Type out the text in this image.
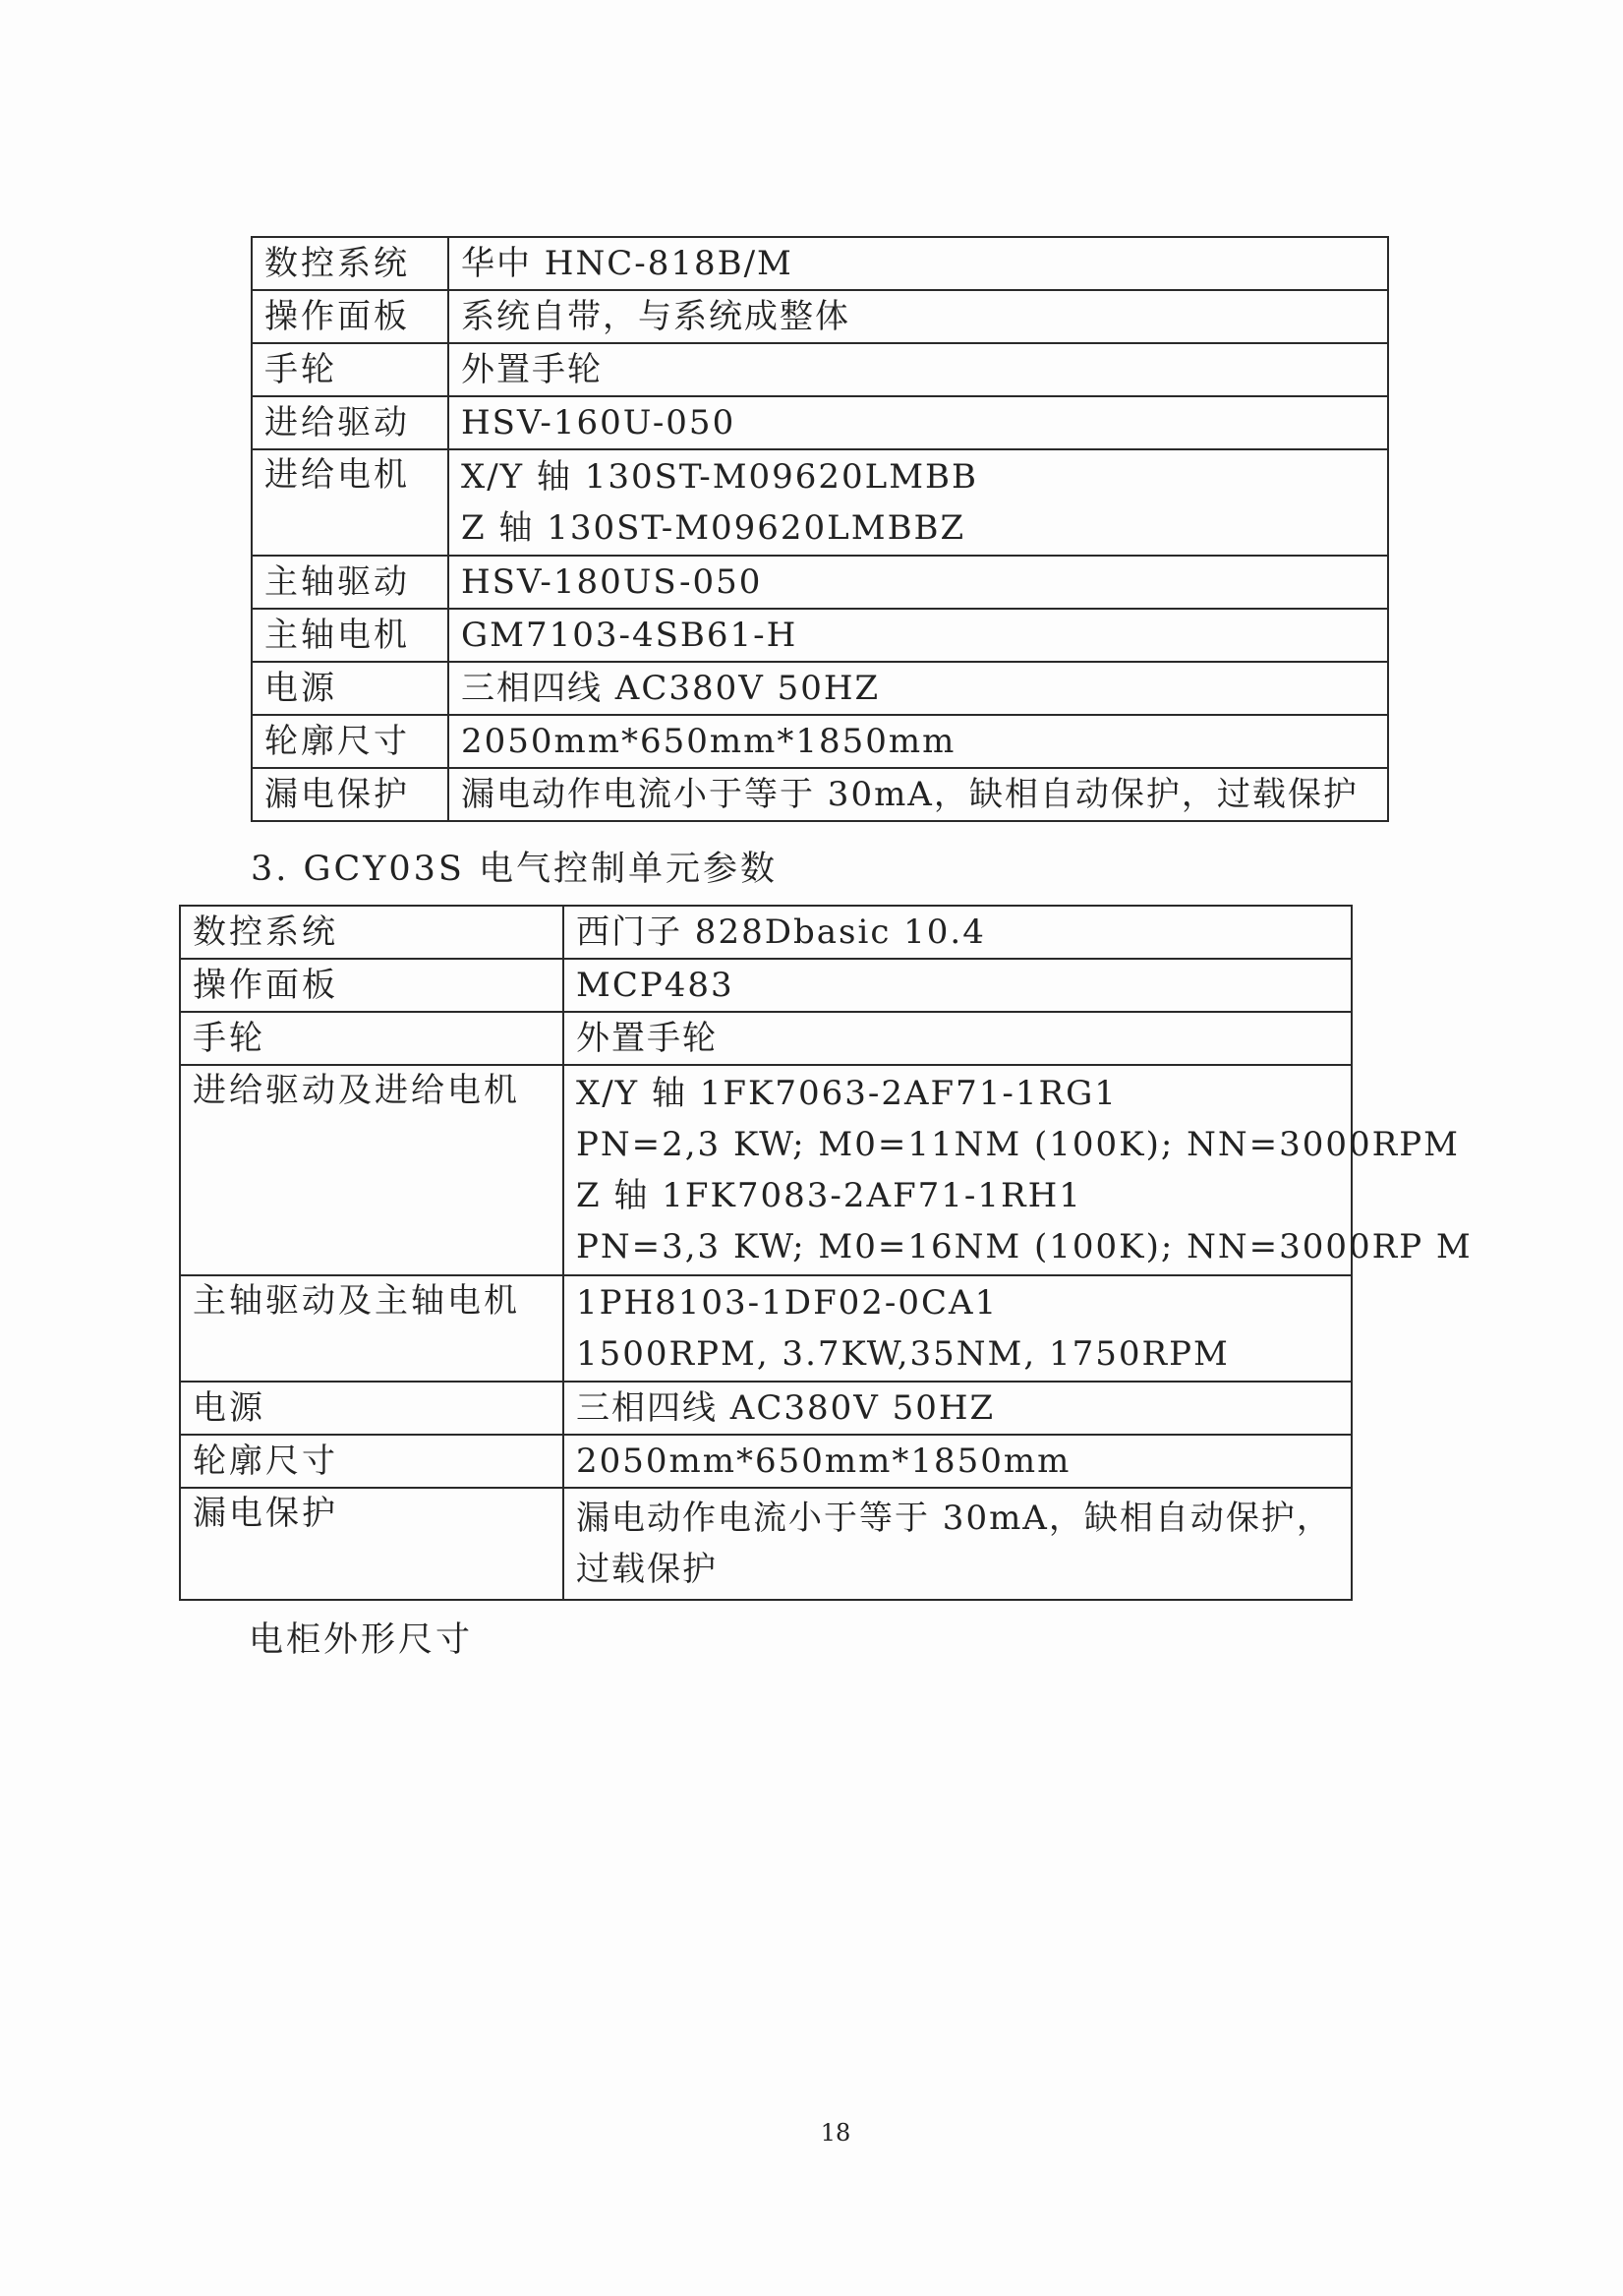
数控系统	华中 HNC-818B/M
操作面板	系统自带，与系统成整体
手轮	外置手轮
进给驱动	HSV-160U-050
进给电机	X/Y 轴 130ST-M09620LMBB
Z 轴 130ST-M09620LMBBZ

主轴驱动	HSV-180US-050
主轴电机	GM7103-4SB61-H
电源	三相四线 AC380V 50HZ
轮廓尺寸	2050mm*650mm*1850mm
漏电保护	漏电动作电流小于等于 30mA，缺相自动保护，过载保护
3. GCY03S 电气控制单元参数
数控系统	西门子 828Dbasic 10.4
操作面板	MCP483
手轮	外置手轮
进给驱动及进给电机	X/Y 轴 1FK7063-2AF71-1RG1
PN=2,3 KW; M0=11NM (100K); NN=3000RPM
Z 轴 1FK7083-2AF71-1RH1
PN=3,3 KW; M0=16NM (100K); NN=3000RP M

主轴驱动及主轴电机	1PH8103-1DF02-0CA1
1500RPM, 3.7KW,35NM, 1750RPM

电源	三相四线 AC380V 50HZ
轮廓尺寸	2050mm*650mm*1850mm
漏电保护	漏电动作电流小于等于 30mA，缺相自动保护，过载保护
电柜外形尺寸
18
